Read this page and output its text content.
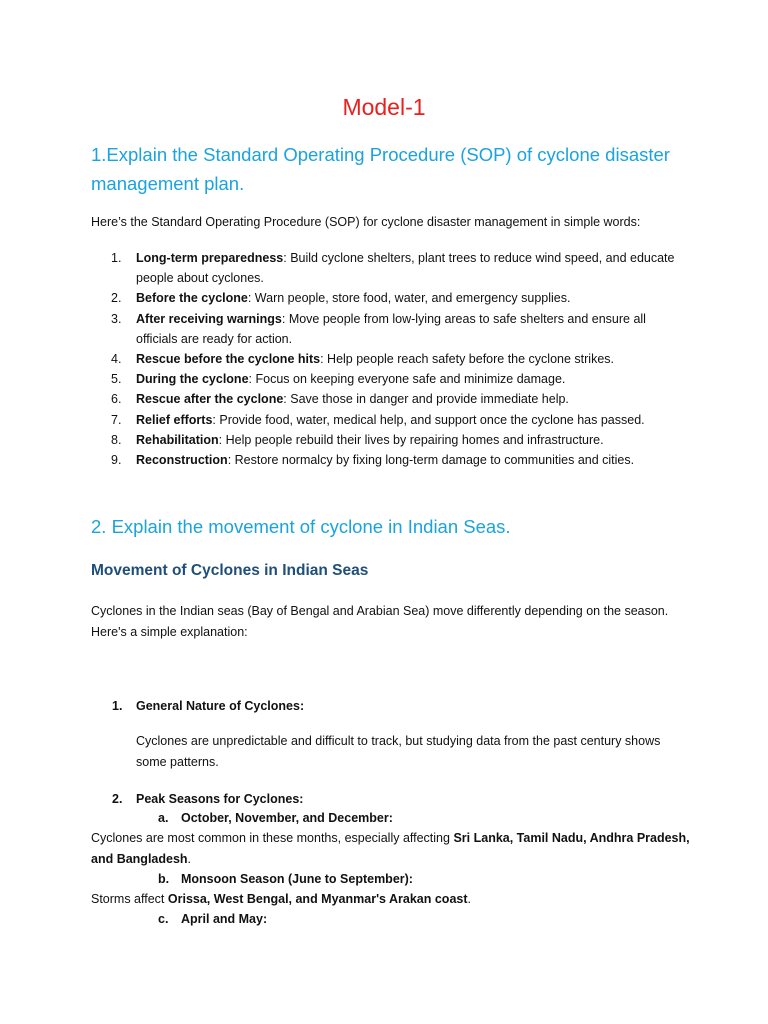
Model-1
1.Explain the Standard Operating Procedure (SOP) of cyclone disaster management plan.
Here’s the Standard Operating Procedure (SOP) for cyclone disaster management in simple words:
1. Long-term preparedness: Build cyclone shelters, plant trees to reduce wind speed, and educate people about cyclones.
2. Before the cyclone: Warn people, store food, water, and emergency supplies.
3. After receiving warnings: Move people from low-lying areas to safe shelters and ensure all officials are ready for action.
4. Rescue before the cyclone hits: Help people reach safety before the cyclone strikes.
5. During the cyclone: Focus on keeping everyone safe and minimize damage.
6. Rescue after the cyclone: Save those in danger and provide immediate help.
7. Relief efforts: Provide food, water, medical help, and support once the cyclone has passed.
8. Rehabilitation: Help people rebuild their lives by repairing homes and infrastructure.
9. Reconstruction: Restore normalcy by fixing long-term damage to communities and cities.
2. Explain the movement of cyclone in Indian Seas.
Movement of Cyclones in Indian Seas
Cyclones in the Indian seas (Bay of Bengal and Arabian Sea) move differently depending on the season. Here's a simple explanation:
1. General Nature of Cyclones:
Cyclones are unpredictable and difficult to track, but studying data from the past century shows some patterns.
2. Peak Seasons for Cyclones:
a. October, November, and December:
Cyclones are most common in these months, especially affecting Sri Lanka, Tamil Nadu, Andhra Pradesh, and Bangladesh.
b. Monsoon Season (June to September):
Storms affect Orissa, West Bengal, and Myanmar's Arakan coast.
c. April and May:
